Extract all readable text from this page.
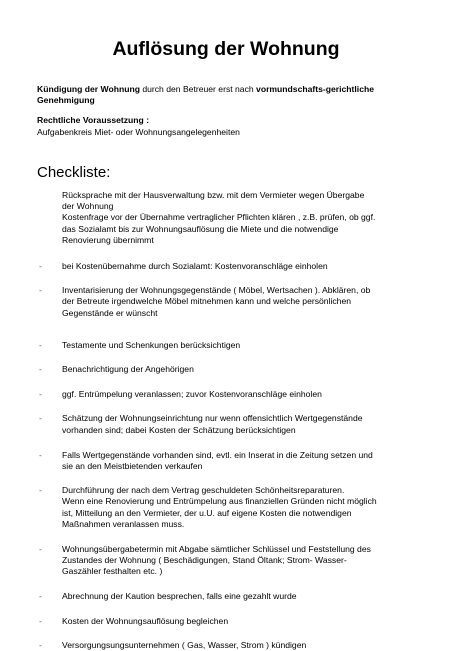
Auflösung der Wohnung
Kündigung der Wohnung durch den Betreuer erst nach vormundschafts-gerichtliche
Genehmigung
Rechtliche Voraussetzung :
Aufgabenkreis Miet- oder Wohnungsangelegenheiten
Checkliste:
Rücksprache mit der Hausverwaltung bzw. mit dem Vermieter wegen Übergabe
der Wohnung
Kostenfrage vor der Übernahme vertraglicher Pflichten klären , z.B. prüfen, ob ggf.
das Sozialamt bis zur Wohnungsauflösung die Miete und die notwendige
Renovierung übernimmt
- bei Kostenübernahme durch Sozialamt: Kostenvoranschläge einholen
- Inventarisierung der Wohnungsgegenstände ( Möbel, Wertsachen ). Abklären, ob
der Betreute irgendwelche Möbel mitnehmen kann und welche persönlichen
Gegenstände er wünscht
- Testamente und Schenkungen berücksichtigen
- Benachrichtigung der Angehörigen
- ggf. Entrümpelung veranlassen; zuvor Kostenvoranschläge einholen
- Schätzung der Wohnungseinrichtung nur wenn offensichtlich Wertgegenstände
vorhanden sind; dabei Kosten der Schätzung berücksichtigen
- Falls Wertgegenstände vorhanden sind, evtl. ein Inserat in die Zeitung setzen und
sie an den Meistbietenden verkaufen
- Durchführung der nach dem Vertrag geschuldeten Schönheitsreparaturen.
Wenn eine Renovierung und Entrümpelung aus finanziellen Gründen nicht möglich
ist, Mitteilung an den Vermieter, der u.U. auf eigene Kosten die notwendigen
Maßnahmen veranlassen muss.
- Wohnungsübergabetermin mit Abgabe sämtlicher Schlüssel und Feststellung des
Zustandes der Wohnung ( Beschädigungen, Stand Öltank; Strom- Wasser-
Gaszähler festhalten etc. )
- Abrechnung der Kaution besprechen, falls eine gezahlt wurde
- Kosten der Wohnungsauflösung begleichen
- Versorgungsungsunternehmen ( Gas, Wasser, Strom ) kündigen
